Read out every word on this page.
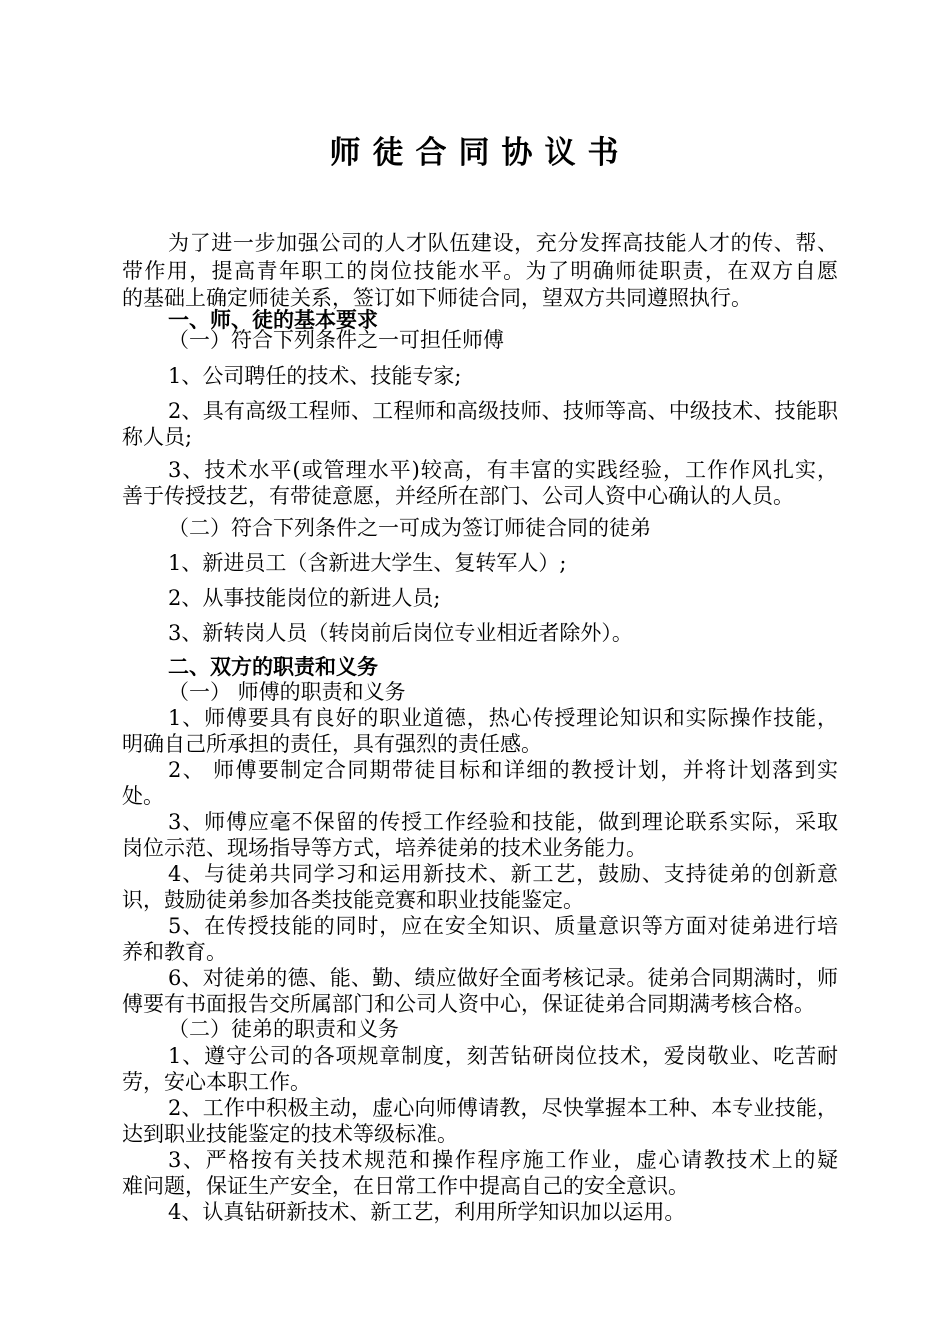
师徒合同协议书
为了进一步加强公司的人才队伍建设，充分发挥高技能人才的传、帮、
带作用，提高青年职工的岗位技能水平。为了明确师徒职责，在双方自愿
的基础上确定师徒关系，签订如下师徒合同，望双方共同遵照执行。
一、师、徒的基本要求
（一）符合下列条件之一可担任师傅
1、公司聘任的技术、技能专家;
2、具有高级工程师、工程师和高级技师、技师等高、中级技术、技能职
称人员;
3、技术水平(或管理水平)较高，有丰富的实践经验，工作作风扎实，
善于传授技艺，有带徒意愿，并经所在部门、公司人资中心确认的人员。
（二）符合下列条件之一可成为签订师徒合同的徒弟
1、新进员工（含新进大学生、复转军人）;
2、从事技能岗位的新进人员;
3、新转岗人员（转岗前后岗位专业相近者除外）。
二、双方的职责和义务
（一） 师傅的职责和义务
1、师傅要具有良好的职业道德，热心传授理论知识和实际操作技能，
明确自己所承担的责任，具有强烈的责任感。
2、 师傅要制定合同期带徒目标和详细的教授计划，并将计划落到实
处。
3、师傅应毫不保留的传授工作经验和技能，做到理论联系实际，采取
岗位示范、现场指导等方式，培养徒弟的技术业务能力。
4、与徒弟共同学习和运用新技术、新工艺，鼓励、支持徒弟的创新意
识，鼓励徒弟参加各类技能竞赛和职业技能鉴定。
5、在传授技能的同时，应在安全知识、质量意识等方面对徒弟进行培
养和教育。
6、对徒弟的德、能、勤、绩应做好全面考核记录。徒弟合同期满时，师
傅要有书面报告交所属部门和公司人资中心，保证徒弟合同期满考核合格。
（二）徒弟的职责和义务
1、遵守公司的各项规章制度，刻苦钻研岗位技术，爱岗敬业、吃苦耐
劳，安心本职工作。
2、工作中积极主动，虚心向师傅请教，尽快掌握本工种、本专业技能，
达到职业技能鉴定的技术等级标准。
3、严格按有关技术规范和操作程序施工作业，虚心请教技术上的疑
难问题，保证生产安全，在日常工作中提高自己的安全意识。
4、认真钻研新技术、新工艺，利用所学知识加以运用。
